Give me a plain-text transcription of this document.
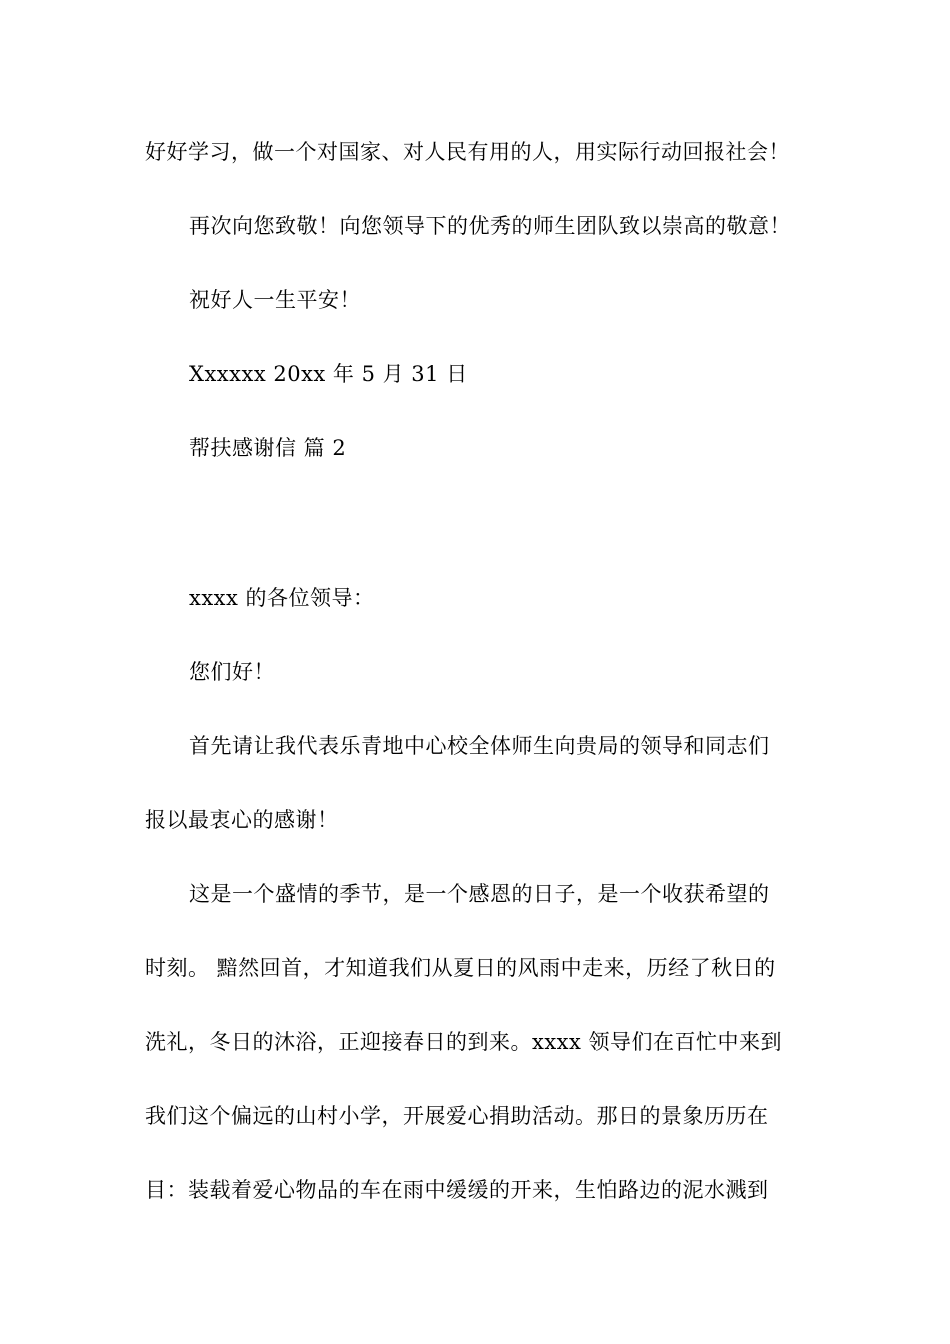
好好学习，做一个对国家、对人民有用的人，用实际行动回报社会！
再次向您致敬！向您领导下的优秀的师生团队致以崇高的敬意！
祝好人一生平安！
Xxxxxx 20xx 年 5 月 31 日
帮扶感谢信 篇 2
xxxx 的各位领导：
您们好！
首先请让我代表乐青地中心校全体师生向贵局的领导和同志们
报以最衷心的感谢！
这是一个盛情的季节，是一个感恩的日子，是一个收获希望的
时刻。 黯然回首，才知道我们从夏日的风雨中走来，历经了秋日的
洗礼，冬日的沐浴，正迎接春日的到来。xxxx 领导们在百忙中来到
我们这个偏远的山村小学，开展爱心捐助活动。那日的景象历历在
目：装载着爱心物品的车在雨中缓缓的开来，生怕路边的泥水溅到
